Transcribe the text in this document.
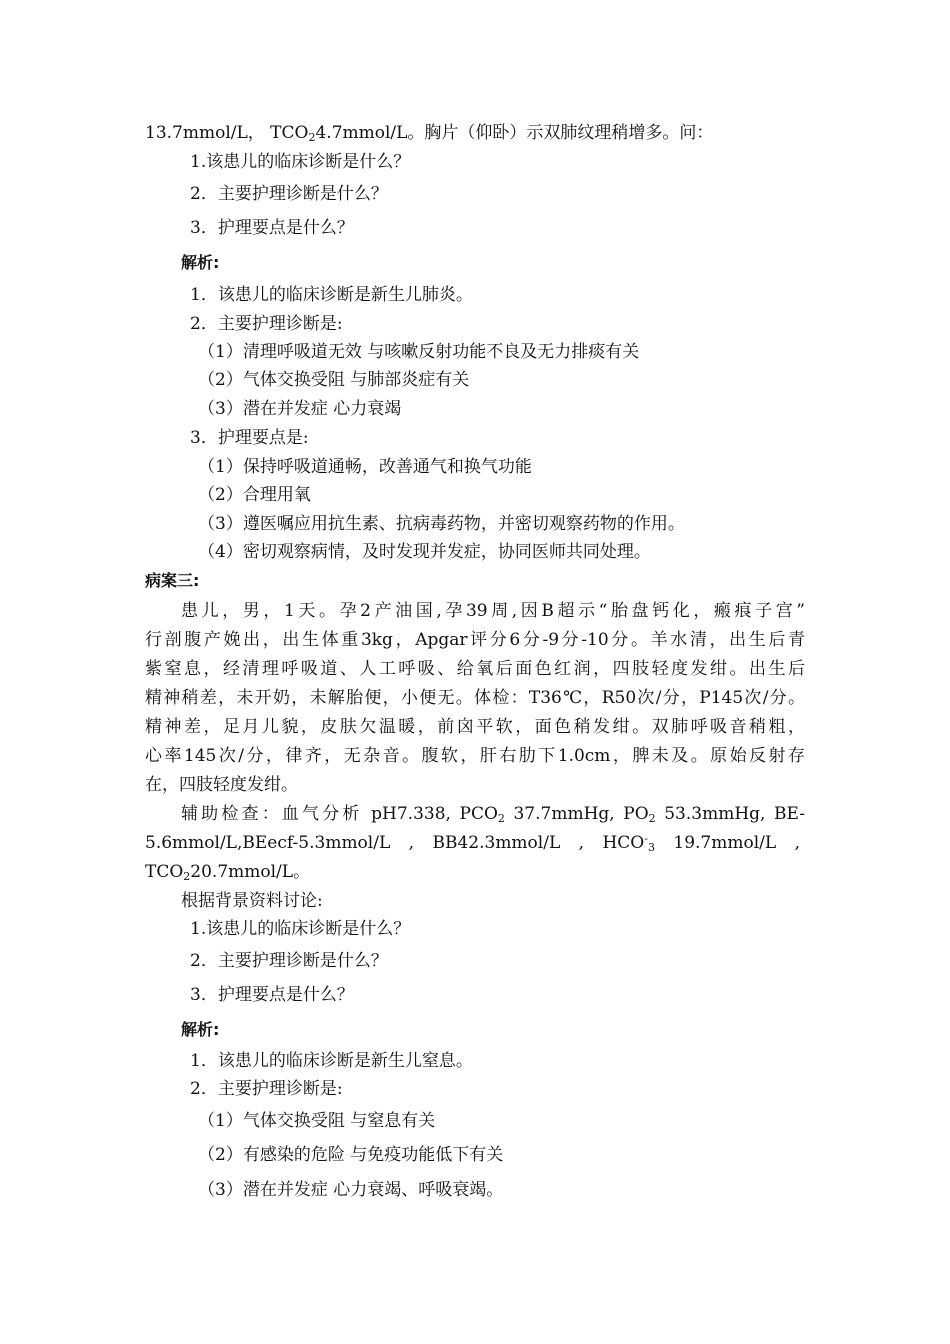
13.7mmol/L， $TCO_24.7mmol/L$。胸片（仰卧）示双肺纹理稍增多。问：
1.该患儿的临床诊断是什么？
2．主要护理诊断是什么？
3．护理要点是什么？
解析:
1．该患儿的临床诊断是新生儿肺炎。
2．主要护理诊断是:
（1）清理呼吸道无效 与咳嗽反射功能不良及无力排痰有关
（2）气体交换受阻 与肺部炎症有关
（3）潜在并发症 心力衰竭
3．护理要点是:
（1）保持呼吸道通畅，改善通气和换气功能
（2）合理用氧
（3）遵医嘱应用抗生素、抗病毒药物，并密切观察药物的作用。
（4）密切观察病情，及时发现并发症，协同医师共同处理。
病案三:
患儿，男，1天。孕2产油国,孕39周,因B超示“胎盘钙化，瘢痕子宫”
行剖腹产娩出，出生体重3kg，Apgar评分6分-9分-10分。羊水清，出生后青
紫窒息，经清理呼吸道、人工呼吸、给氧后面色红润，四肢轻度发绀。出生后
精神稍差，未开奶，未解胎便，小便无。体检：T36℃，R50次/分，P145次/分。
精神差，足月儿貌，皮肤欠温暖，前囟平软，面色稍发绀。双肺呼吸音稍粗，
心率145次/分，律齐，无杂音。腹软，肝右肋下1.0cm，脾未及。原始反射存
在，四肢轻度发绀。
辅助检查：血气分析 pH7.338, $PCO_2$ 37.7mmHg, $PO_2$ 53.3mmHg, BE-
5.6mmol/L,BEecf-5.3mmol/L , BB42.3mmol/L , $HCO^-_3$ 19.7mmol/L ,
$TCO_220.7mmol/L$。
根据背景资料讨论:
1.该患儿的临床诊断是什么？
2．主要护理诊断是什么？
3．护理要点是什么？
解析:
1．该患儿的临床诊断是新生儿窒息。
2．主要护理诊断是:
（1）气体交换受阻 与窒息有关
（2）有感染的危险 与免疫功能低下有关
（3）潜在并发症 心力衰竭、呼吸衰竭。
